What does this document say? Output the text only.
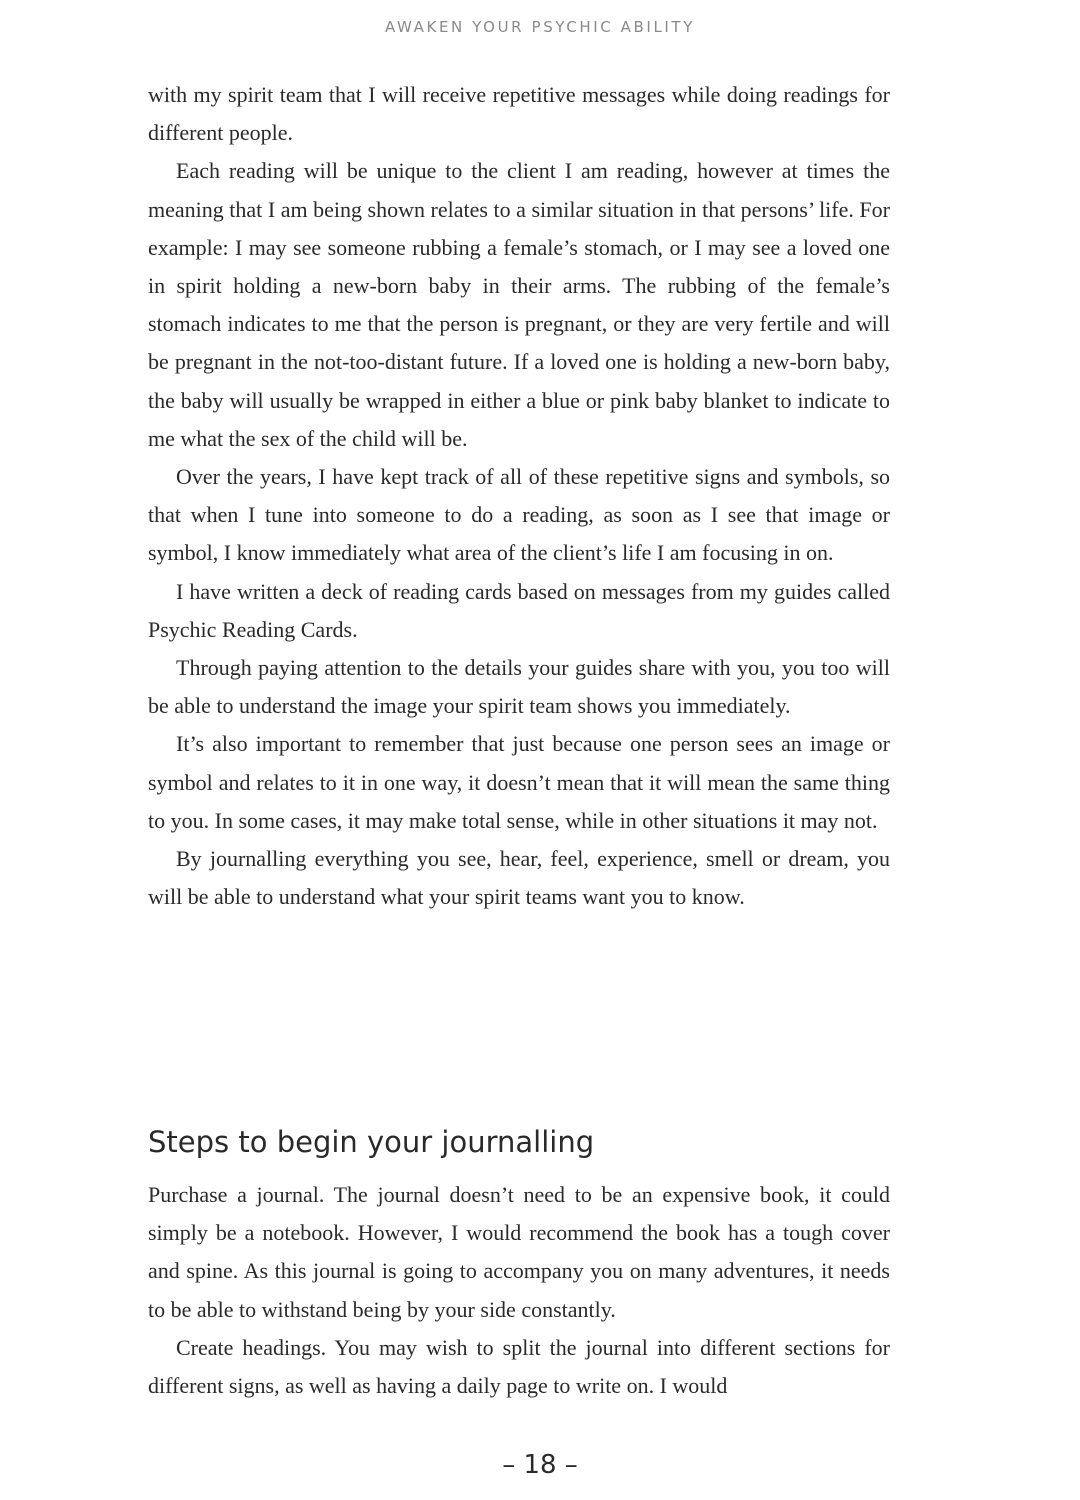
AWAKEN YOUR PSYCHIC ABILITY

with my spirit team that I will receive repetitive messages while doing readings for different people.

Each reading will be unique to the client I am reading, however at times the meaning that I am being shown relates to a similar situation in that persons’ life. For example: I may see someone rubbing a female’s stomach, or I may see a loved one in spirit holding a new-born baby in their arms. The rubbing of the female’s stomach indicates to me that the person is pregnant, or they are very fertile and will be pregnant in the not-too-distant future. If a loved one is holding a new-born baby, the baby will usually be wrapped in either a blue or pink baby blanket to indicate to me what the sex of the child will be.

Over the years, I have kept track of all of these repetitive signs and symbols, so that when I tune into someone to do a reading, as soon as I see that image or symbol, I know immediately what area of the client’s life I am focusing in on.

I have written a deck of reading cards based on messages from my guides called Psychic Reading Cards.

Through paying attention to the details your guides share with you, you too will be able to understand the image your spirit team shows you immediately.

It’s also important to remember that just because one person sees an image or symbol and relates to it in one way, it doesn’t mean that it will mean the same thing to you. In some cases, it may make total sense, while in other situations it may not.

By journalling everything you see, hear, feel, experience, smell or dream, you will be able to understand what your spirit teams want you to know.

Steps to begin your journalling

Purchase a journal. The journal doesn’t need to be an expensive book, it could simply be a notebook. However, I would recommend the book has a tough cover and spine. As this journal is going to accompany you on many adventures, it needs to be able to withstand being by your side constantly.

Create headings. You may wish to split the journal into different sections for different signs, as well as having a daily page to write on. I would

– 18 –
